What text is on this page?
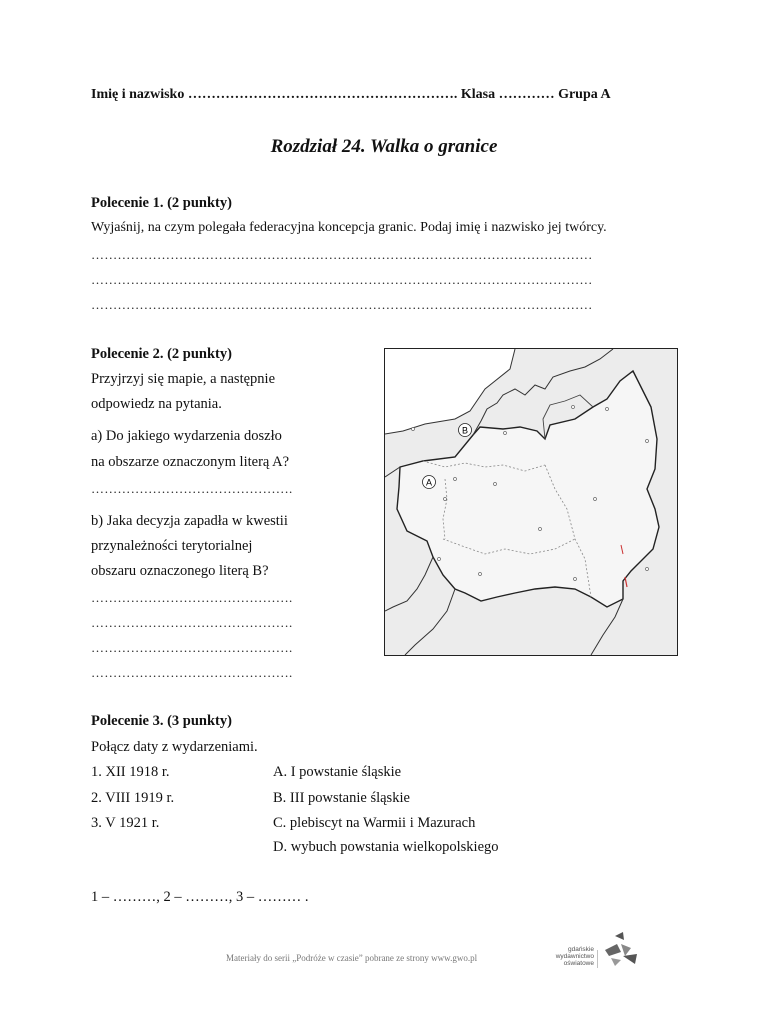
Imię i nazwisko …………………………………………………. Klasa ………… Grupa A
Rozdział 24. Walka o granice
Polecenie 1. (2 punkty)
Wyjaśnij, na czym polegała federacyjna koncepcja granic. Podaj imię i nazwisko jej twórcy.
……………………………………………………………………………………………………
……………………………………………………………………………………………………
……………………………………………………………………………………………………
Polecenie 2. (2 punkty)
Przyjrzyj się mapie, a następnie
odpowiedz na pytania.
a) Do jakiego wydarzenia doszło
na obszarze oznaczonym literą A?
……………………………………….
b) Jaka decyzja zapadła w kwestii
przynależności terytorialnej
obszaru oznaczonego literą B?
……………………………………….
……………………………………….
……………………………………….
……………………………………….
A
B
Polecenie 3. (3 punkty)
Połącz daty z wydarzeniami.
1. XII 1918 r.
2. VIII 1919 r.
3. V 1921 r.
A. I powstanie śląskie
B. III powstanie śląskie
C. plebiscyt na Warmii i Mazurach
D. wybuch powstania wielkopolskiego
1 – ………, 2 – ………, 3 – ……… .
Materiały do serii „Podróże w czasie” pobrane ze strony www.gwo.pl
gdańskie
wydawnictwo
oświatowe
